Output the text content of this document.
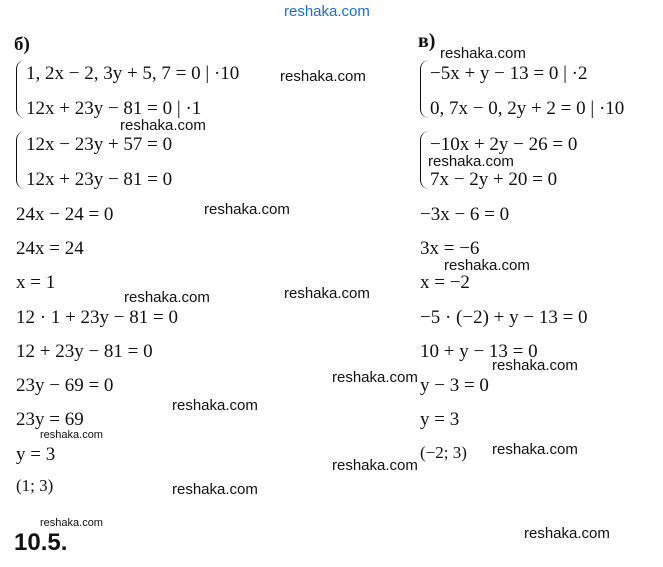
reshaka.com
б)
1, 2x − 2, 3y + 5, 7 = 0 | ·10
12x + 23y − 81 = 0 | ·1
12x − 23y + 57 = 0
12x + 23y − 81 = 0
24x − 24 = 0
24x = 24
x = 1
12 · 1 + 23y − 81 = 0
12 + 23y − 81 = 0
23y − 69 = 0
23y = 69
y = 3
(1; 3)
в)
−5x + y − 13 = 0 | ·2
0, 7x − 0, 2y + 2 = 0 | ·10
−10x + 2y − 26 = 0
7x − 2y + 20 = 0
−3x − 6 = 0
3x = −6
x = −2
−5 · (−2) + y − 13 = 0
10 + y − 13 = 0
y − 3 = 0
y = 3
(−2; 3)
10.5.
reshaka.com
reshaka.com
reshaka.com
reshaka.com	reshaka.com
reshaka.com
reshaka.com
reshaka.com
reshaka.com
reshaka.com
reshaka.com
reshaka.com
reshaka.com
reshaka.com
reshaka.com
reshaka.com
reshaka.com
